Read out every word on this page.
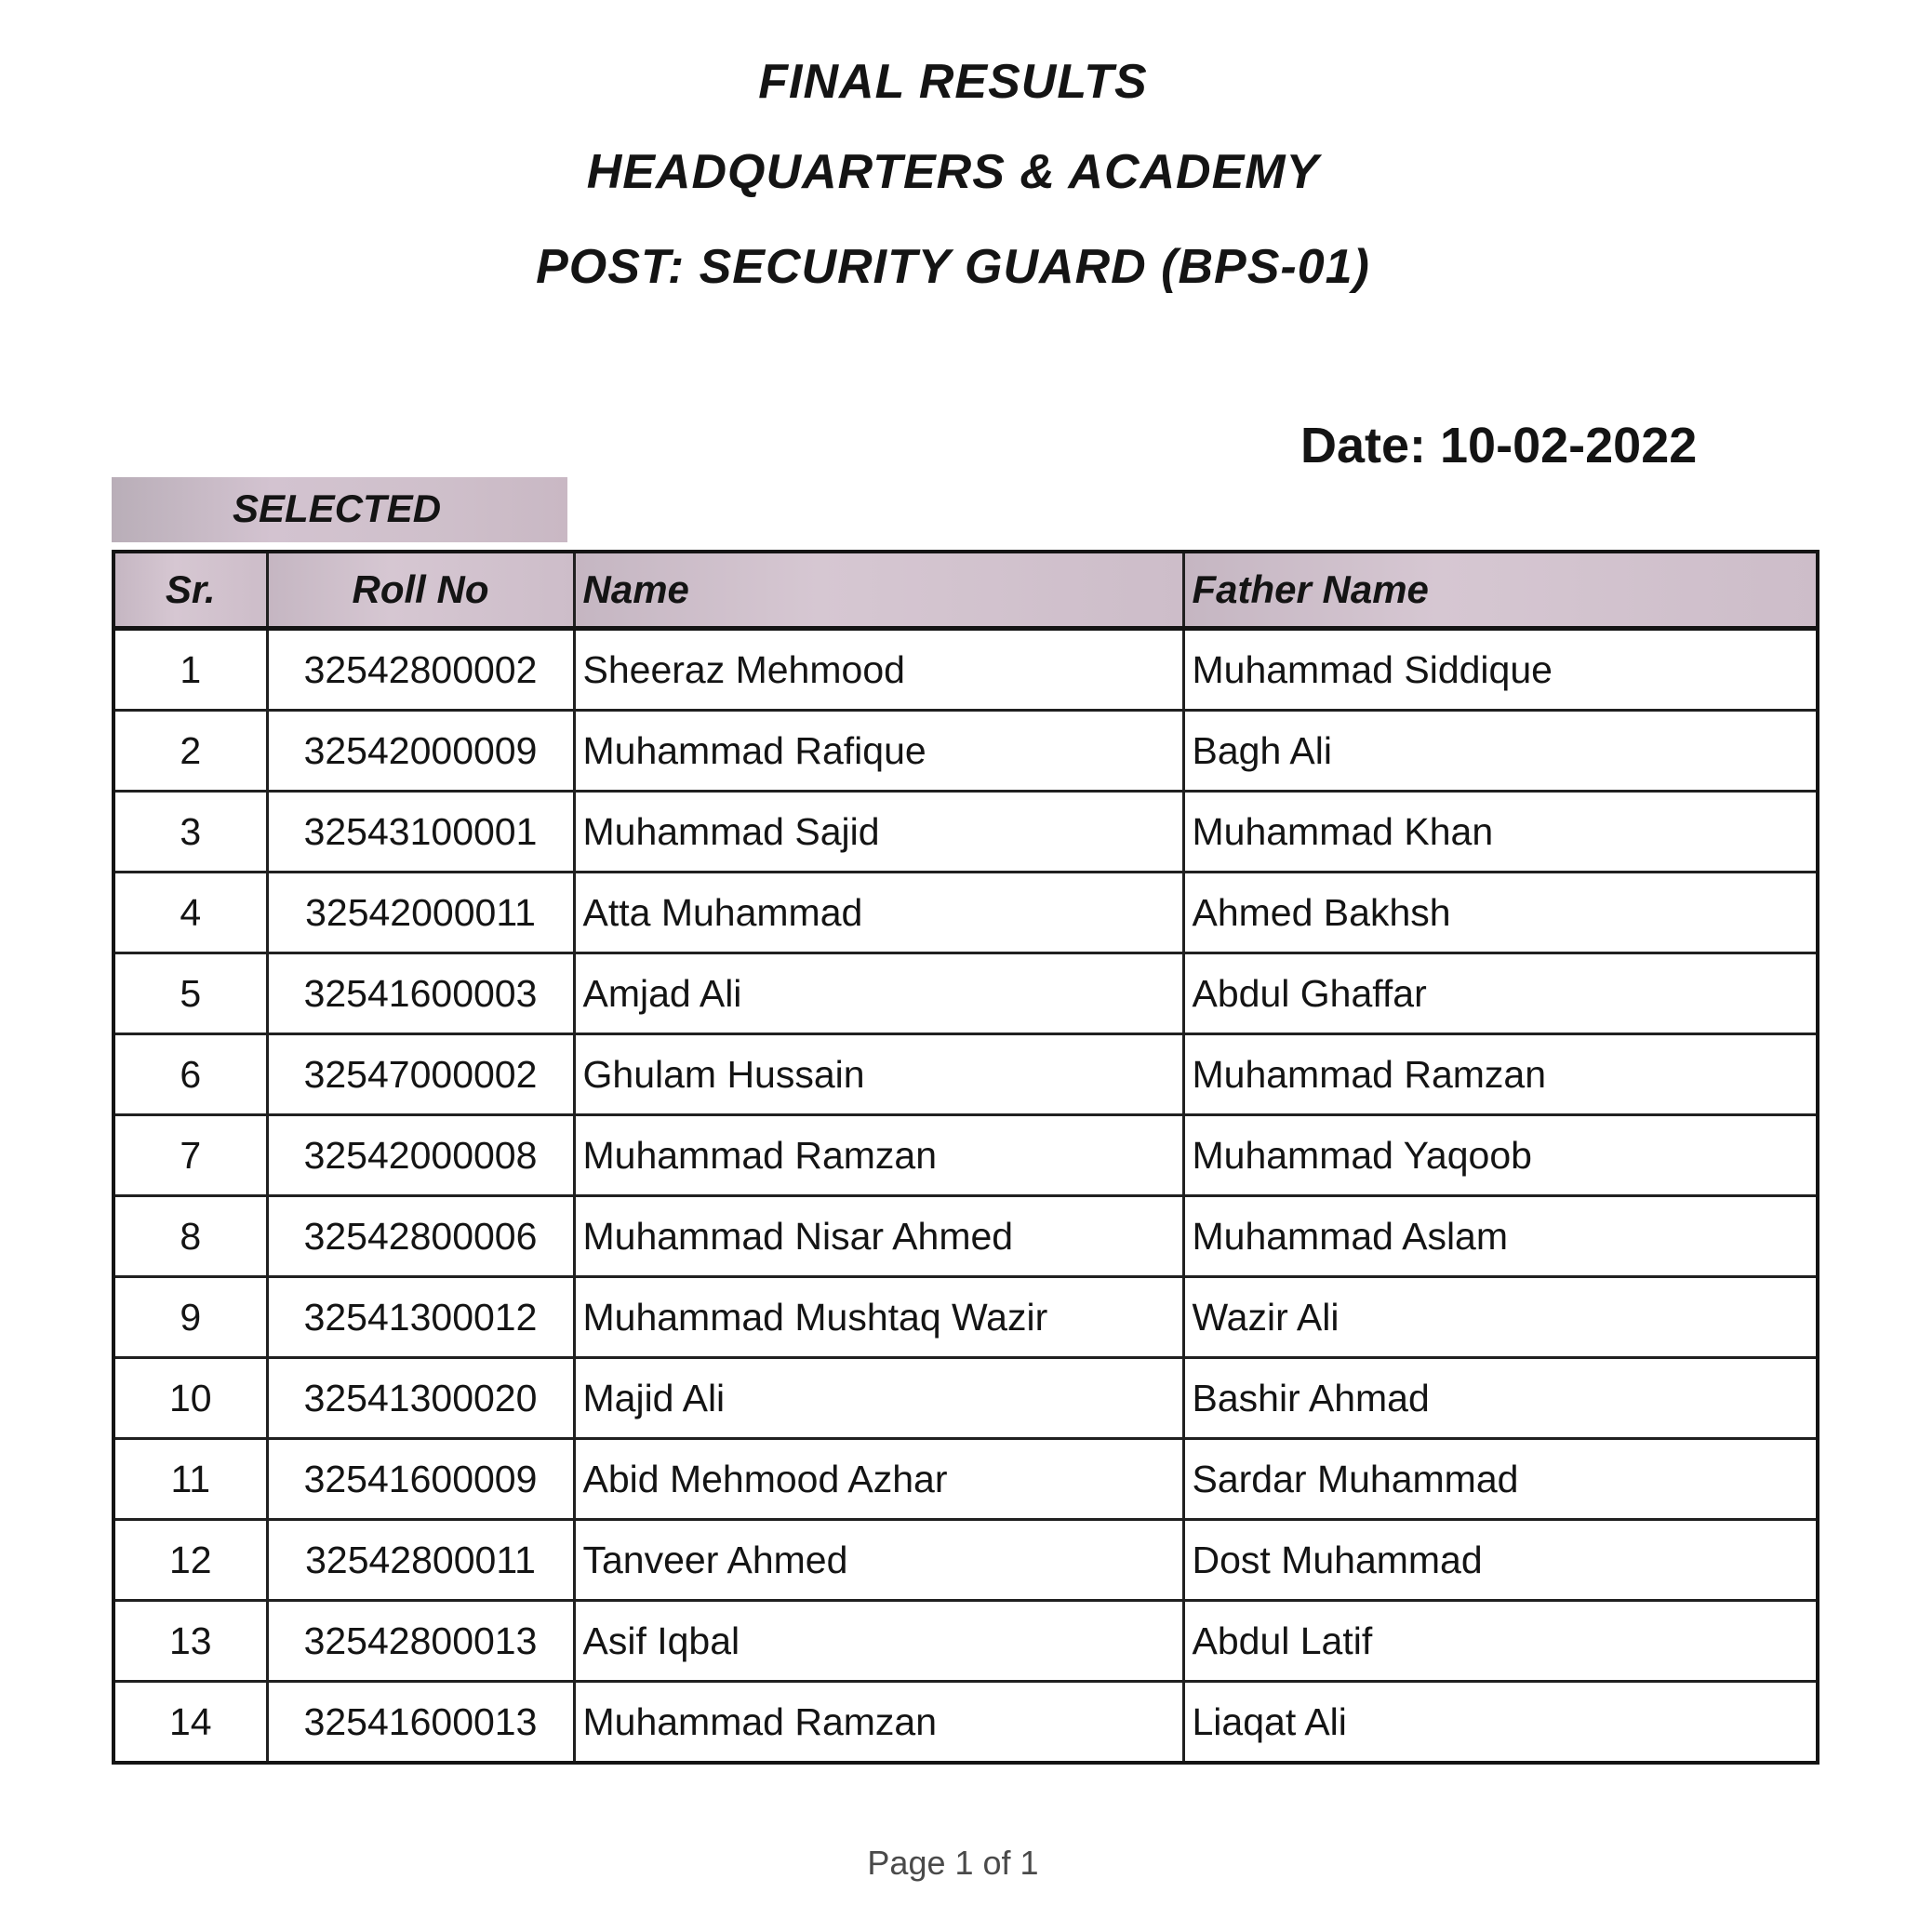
FINAL RESULTS
HEADQUARTERS & ACADEMY
POST: SECURITY GUARD (BPS-01)
Date: 10-02-2022
SELECTED
Sr.	Roll No	Name	Father Name
1	32542800002	Sheeraz Mehmood	Muhammad Siddique
2	32542000009	Muhammad Rafique	Bagh Ali
3	32543100001	Muhammad Sajid	Muhammad Khan
4	32542000011	Atta Muhammad	Ahmed Bakhsh
5	32541600003	Amjad Ali	Abdul Ghaffar
6	32547000002	Ghulam Hussain	Muhammad Ramzan
7	32542000008	Muhammad Ramzan	Muhammad Yaqoob
8	32542800006	Muhammad Nisar Ahmed	Muhammad Aslam
9	32541300012	Muhammad Mushtaq Wazir	Wazir Ali
10	32541300020	Majid Ali	Bashir Ahmad
11	32541600009	Abid Mehmood Azhar	Sardar Muhammad
12	32542800011	Tanveer Ahmed	Dost Muhammad
13	32542800013	Asif Iqbal	Abdul Latif
14	32541600013	Muhammad Ramzan	Liaqat Ali
Page 1 of 1
